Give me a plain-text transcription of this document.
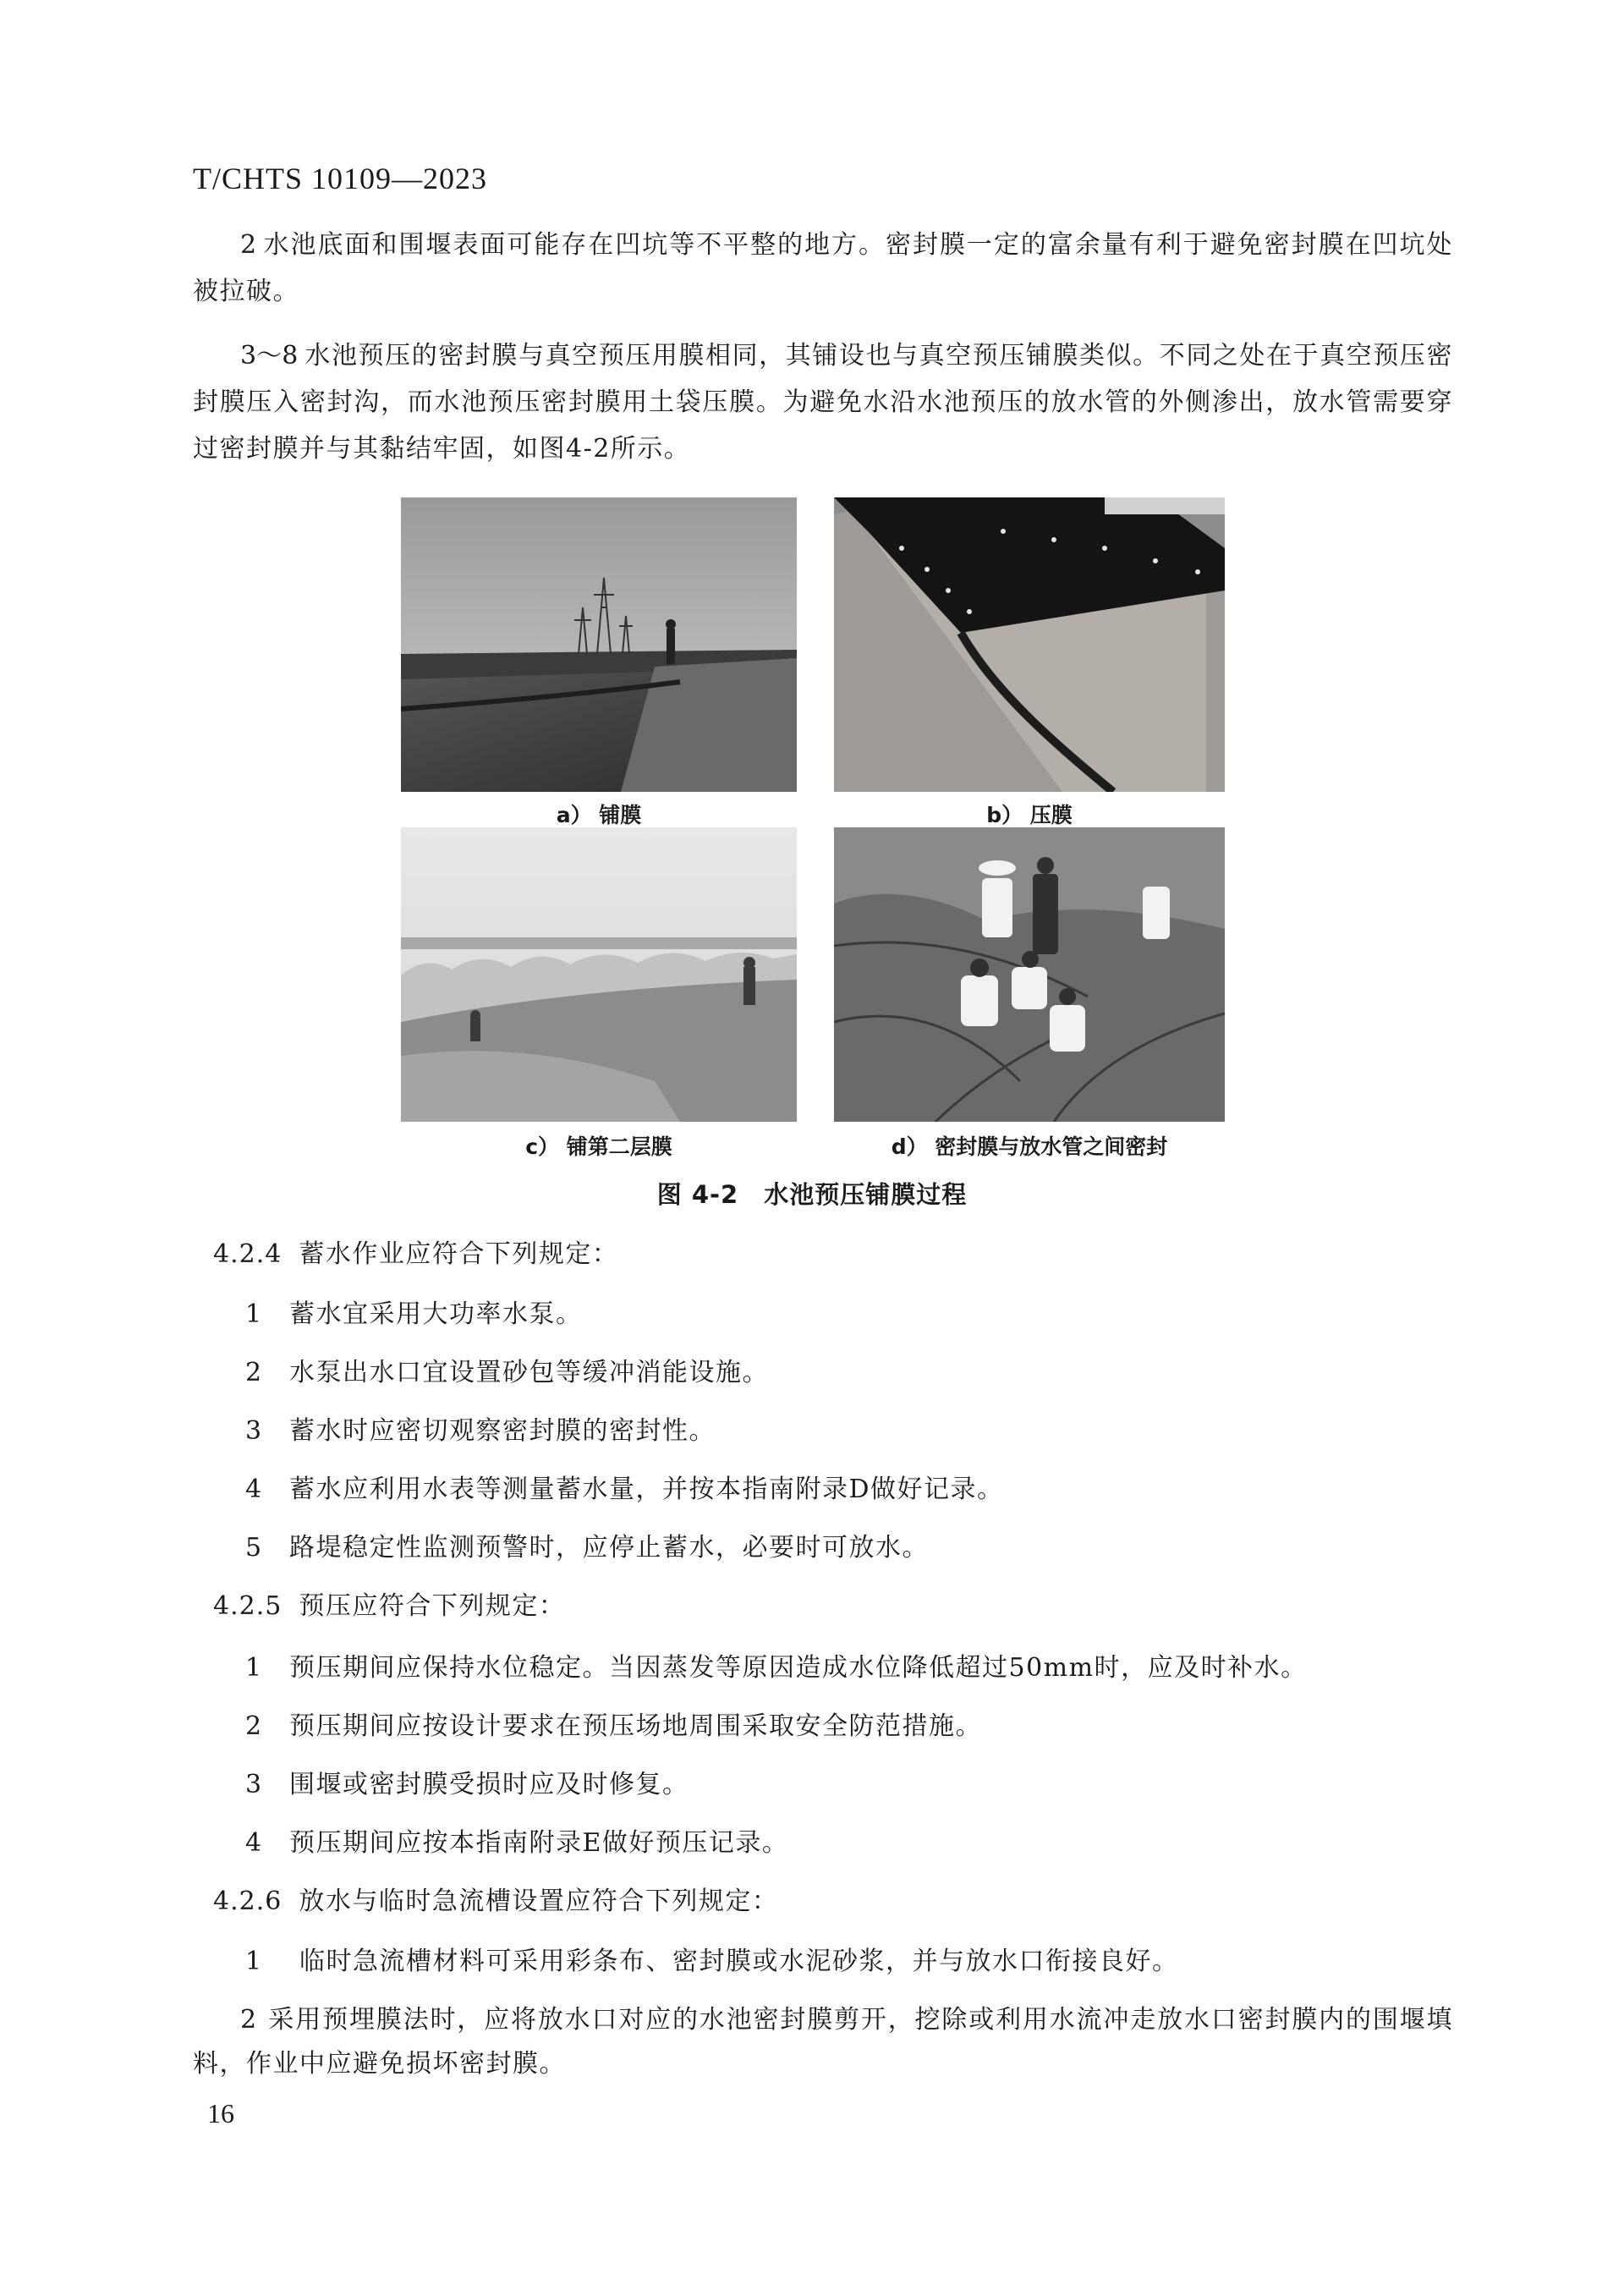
T/CHTS 10109—2023

2 水池底面和围堰表面可能存在凹坑等不平整的地方。密封膜一定的富余量有利于避免密封膜在凹坑处被拉破。

3～8 水池预压的密封膜与真空预压用膜相同，其铺设也与真空预压铺膜类似。不同之处在于真空预压密封膜压入密封沟，而水池预压密封膜用土袋压膜。为避免水沿水池预压的放水管的外侧渗出，放水管需要穿过密封膜并与其黏结牢固，如图4-2所示。

a） 铺膜	b） 压膜
c） 铺第二层膜	d） 密封膜与放水管之间密封
图 4-2　水池预压铺膜过程
4.2.4 蓄水作业应符合下列规定：
1 蓄水宜采用大功率水泵。
2 水泵出水口宜设置砂包等缓冲消能设施。
3 蓄水时应密切观察密封膜的密封性。
4 蓄水应利用水表等测量蓄水量，并按本指南附录D做好记录。
5 路堤稳定性监测预警时，应停止蓄水，必要时可放水。
4.2.5 预压应符合下列规定：
1 预压期间应保持水位稳定。当因蒸发等原因造成水位降低超过50mm时，应及时补水。
2 预压期间应按设计要求在预压场地周围采取安全防范措施。
3 围堰或密封膜受损时应及时修复。
4 预压期间应按本指南附录E做好预压记录。
4.2.6 放水与临时急流槽设置应符合下列规定：
1 临时急流槽材料可采用彩条布、密封膜或水泥砂浆，并与放水口衔接良好。

2 采用预埋膜法时，应将放水口对应的水池密封膜剪开，挖除或利用水流冲走放水口密封膜内的围堰填料，作业中应避免损坏密封膜。

16
